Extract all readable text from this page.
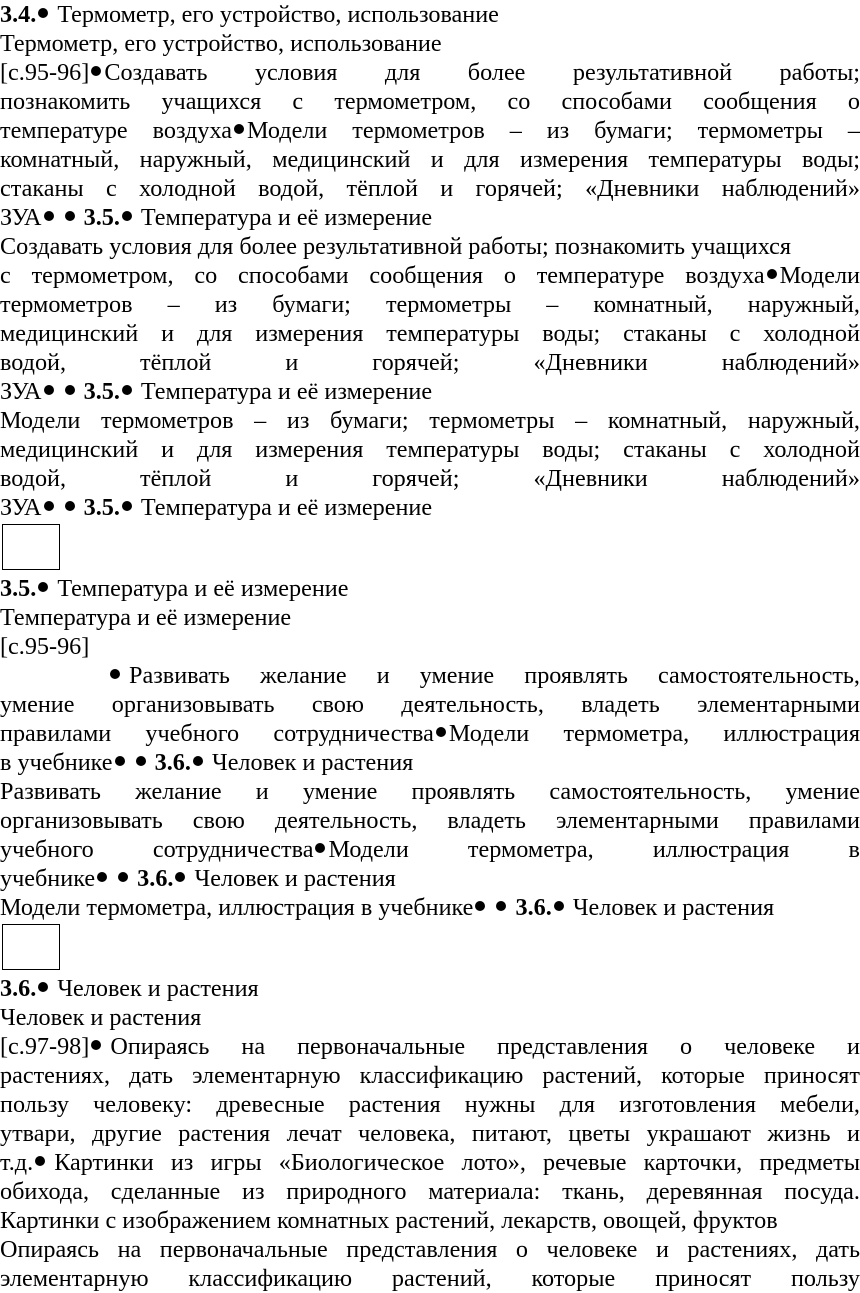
3.4. Термометр, его устройство, использование
Термометр, его устройство, использование
[с.95-96] Создавать условия для более результативной работы;
познакомить учащихся с термометром, со способами сообщения о
температуре воздуха Модели термометров – из бумаги; термометры –
комнатный, наружный, медицинский и для измерения температуры воды;
стаканы с холодной водой, тёплой и горячей; «Дневники наблюдений»
ЗУА 3.5. Температура и её измерение
Создавать условия для более результативной работы; познакомить учащихся
с термометром, со способами сообщения о температуре воздуха Модели
термометров – из бумаги; термометры – комнатный, наружный,
медицинский и для измерения температуры воды; стаканы с холодной
водой,	тёплой	и	горячей;	«Дневники	наблюдений»
ЗУА 3.5. Температура и её измерение
Модели термометров – из бумаги; термометры – комнатный, наружный,
медицинский и для измерения температуры воды; стаканы с холодной
водой,	тёплой	и	горячей;	«Дневники	наблюдений»
ЗУА 3.5. Температура и её измерение
3.5. Температура и её измерение
Температура и её измерение
[с.95-96]
Развивать желание и умение проявлять самостоятельность,
умение организовывать свою деятельность, владеть элементарными
правилами учебного сотрудничества Модели термометра, иллюстрация
в учебнике 3.6. Человек и растения
Развивать желание и умение проявлять самостоятельность, умение
организовывать свою деятельность, владеть элементарными правилами
учебного сотрудничества Модели термометра, иллюстрация в
учебнике 3.6. Человек и растения
Модели термометра, иллюстрация в учебнике 3.6. Человек и растения
3.6. Человек и растения
Человек и растения
[с.97-98] Опираясь на первоначальные представления о человеке и
растениях, дать элементарную классификацию растений, которые приносят
пользу человеку: древесные растения нужны для изготовления мебели,
утвари, другие растения лечат человека, питают, цветы украшают жизнь и
т.д. Картинки из игры «Биологическое лото», речевые карточки, предметы
обихода, сделанные из природного материала: ткань, деревянная посуда.
Картинки с изображением комнатных растений, лекарств, овощей, фруктов
Опираясь на первоначальные представления о человеке и растениях, дать
элементарную классификацию растений, которые приносят пользу
